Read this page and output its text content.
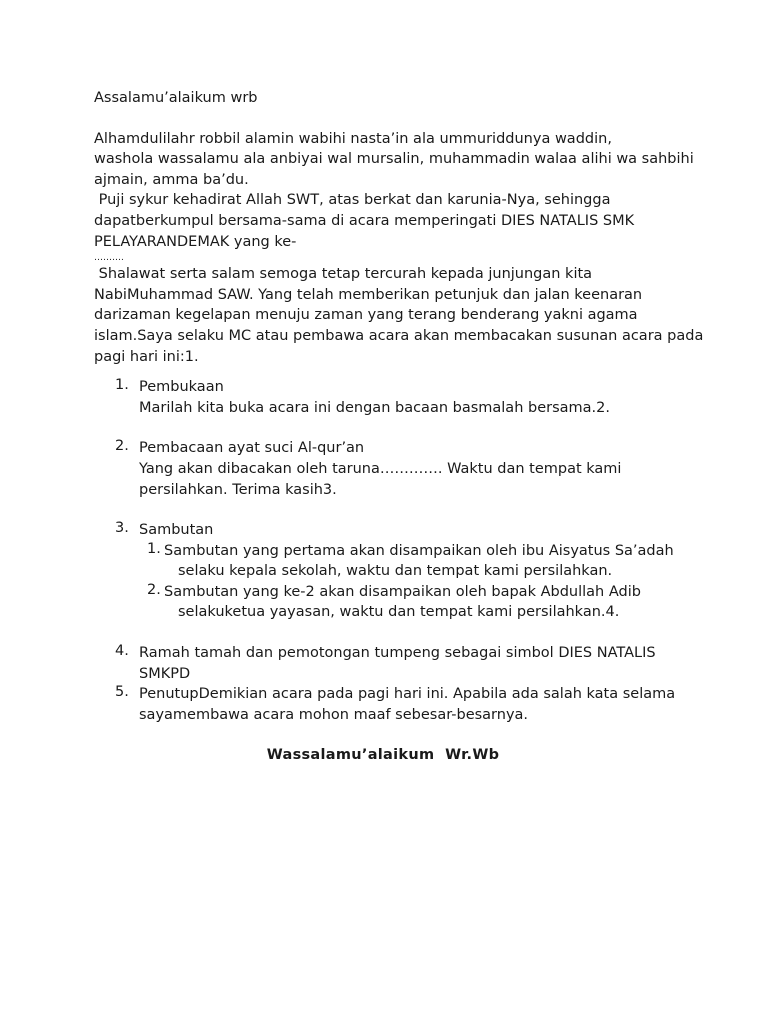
Assalamu’alaikum wrb
Alhamdulilahr robbil alamin wabihi nasta’in ala ummuriddunya waddin,
washola wassalamu ala anbiyai wal mursalin, muhammadin walaa alihi wa sahbihi
ajmain, amma ba’du.
Puji sykur kehadirat Allah SWT, atas berkat dan karunia-Nya, sehingga
dapatberkumpul bersama-sama di acara memperingati DIES NATALIS SMK
PELAYARANDEMAK yang ke-
……….
Shalawat serta salam semoga tetap tercurah kepada junjungan kita
NabiMuhammad SAW. Yang telah memberikan petunjuk dan jalan keenaran
darizaman kegelapan menuju zaman yang terang benderang yakni agama
islam.Saya selaku MC atau pembawa acara akan membacakan susunan acara pada
pagi hari ini:1.
1. Pembukaan
Marilah kita buka acara ini dengan bacaan basmalah bersama.2.
2. Pembacaan ayat suci Al-qur’an
Yang akan dibacakan oleh taruna…………. Waktu dan tempat kami
persilahkan. Terima kasih3.
3. Sambutan
1. Sambutan yang pertama akan disampaikan oleh ibu Aisyatus Sa’adah
selaku kepala sekolah, waktu dan tempat kami persilahkan.
2. Sambutan yang ke-2 akan disampaikan oleh bapak Abdullah Adib
selakuketua yayasan, waktu dan tempat kami persilahkan.4.
4. Ramah tamah dan pemotongan tumpeng sebagai simbol DIES NATALIS
SMKPD
5. PenutupDemikian acara pada pagi hari ini. Apabila ada salah kata selama
sayamembawa acara mohon maaf sebesar-besarnya.
Wassalamu’alaikum  Wr.Wb
